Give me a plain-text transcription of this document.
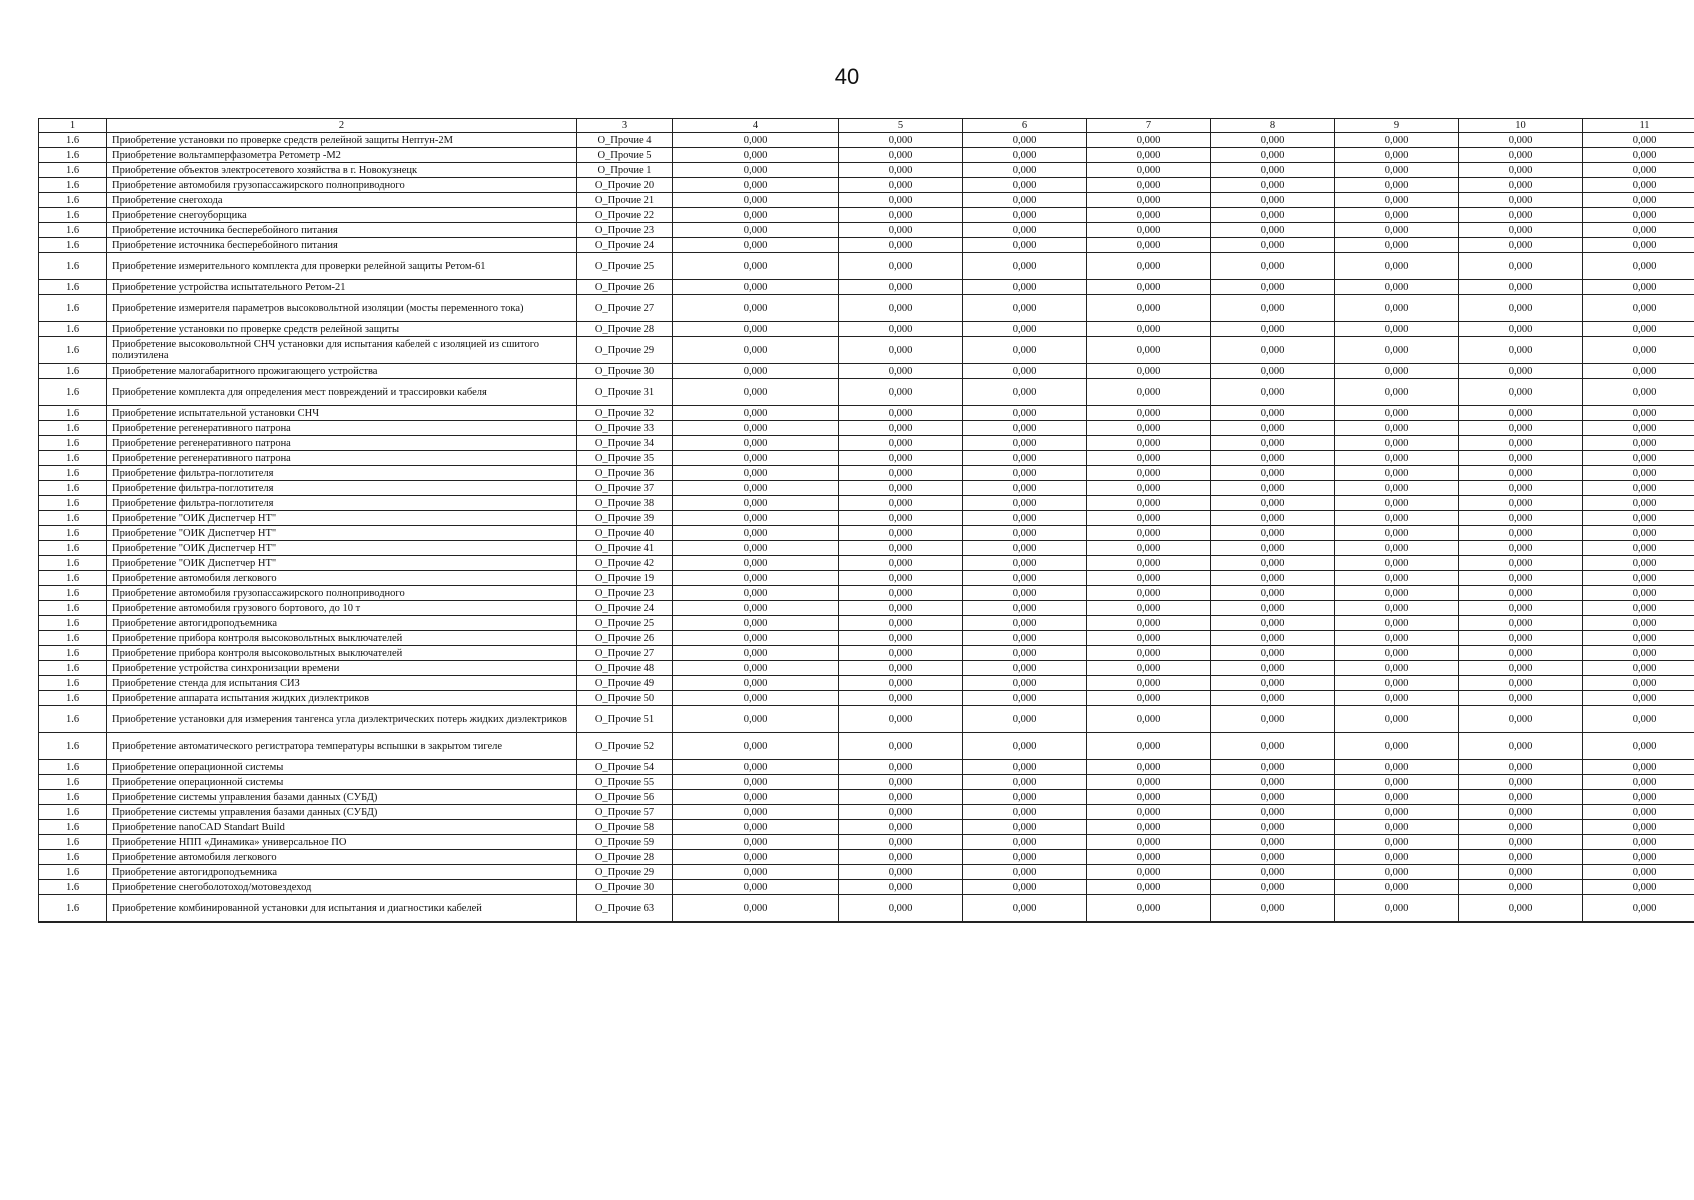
40
1	2	3	4	5	6	7	8	9	10	11
1.6	Приобретение установки по проверке средств релейной защиты Нептун-2М	О_Прочие 4	0,000	0,000	0,000	0,000	0,000	0,000	0,000	0,000
1.6	Приобретение вольтамперфазометра Ретометр -М2	О_Прочие 5	0,000	0,000	0,000	0,000	0,000	0,000	0,000	0,000
1.6	Приобретение объектов электросетевого хозяйства в г. Новокузнецк	О_Прочие 1	0,000	0,000	0,000	0,000	0,000	0,000	0,000	0,000
1.6	Приобретение автомобиля грузопассажирского полноприводного	О_Прочие 20	0,000	0,000	0,000	0,000	0,000	0,000	0,000	0,000
1.6	Приобретение снегохода	О_Прочие 21	0,000	0,000	0,000	0,000	0,000	0,000	0,000	0,000
1.6	Приобретение снегоуборщика	О_Прочие 22	0,000	0,000	0,000	0,000	0,000	0,000	0,000	0,000
1.6	Приобретение источника бесперебойного питания	О_Прочие 23	0,000	0,000	0,000	0,000	0,000	0,000	0,000	0,000
1.6	Приобретение источника бесперебойного питания	О_Прочие 24	0,000	0,000	0,000	0,000	0,000	0,000	0,000	0,000
1.6	Приобретение измерительного комплекта для проверки релейной защиты Ретом-61	О_Прочие 25	0,000	0,000	0,000	0,000	0,000	0,000	0,000	0,000
1.6	Приобретение устройства испытательного Ретом-21	О_Прочие 26	0,000	0,000	0,000	0,000	0,000	0,000	0,000	0,000
1.6	Приобретение измерителя параметров высоковольтной изоляции (мосты переменного тока)	О_Прочие 27	0,000	0,000	0,000	0,000	0,000	0,000	0,000	0,000
1.6	Приобретение установки по проверке средств релейной защиты	О_Прочие 28	0,000	0,000	0,000	0,000	0,000	0,000	0,000	0,000
1.6	Приобретение высоковольтной СНЧ установки для испытания кабелей с изоляцией из сшитого полиэтилена	О_Прочие 29	0,000	0,000	0,000	0,000	0,000	0,000	0,000	0,000
1.6	Приобретение малогабаритного прожигающего устройства	О_Прочие 30	0,000	0,000	0,000	0,000	0,000	0,000	0,000	0,000
1.6	Приобретение комплекта для определения мест повреждений и трассировки кабеля	О_Прочие 31	0,000	0,000	0,000	0,000	0,000	0,000	0,000	0,000
1.6	Приобретение испытательной установки СНЧ	О_Прочие 32	0,000	0,000	0,000	0,000	0,000	0,000	0,000	0,000
1.6	Приобретение регенеративного патрона	О_Прочие 33	0,000	0,000	0,000	0,000	0,000	0,000	0,000	0,000
1.6	Приобретение регенеративного патрона	О_Прочие 34	0,000	0,000	0,000	0,000	0,000	0,000	0,000	0,000
1.6	Приобретение регенеративного патрона	О_Прочие 35	0,000	0,000	0,000	0,000	0,000	0,000	0,000	0,000
1.6	Приобретение фильтра-поглотителя	О_Прочие 36	0,000	0,000	0,000	0,000	0,000	0,000	0,000	0,000
1.6	Приобретение фильтра-поглотителя	О_Прочие 37	0,000	0,000	0,000	0,000	0,000	0,000	0,000	0,000
1.6	Приобретение фильтра-поглотителя	О_Прочие 38	0,000	0,000	0,000	0,000	0,000	0,000	0,000	0,000
1.6	Приобретение "ОИК Диспетчер НТ"	О_Прочие 39	0,000	0,000	0,000	0,000	0,000	0,000	0,000	0,000
1.6	Приобретение "ОИК Диспетчер НТ"	О_Прочие 40	0,000	0,000	0,000	0,000	0,000	0,000	0,000	0,000
1.6	Приобретение "ОИК Диспетчер НТ"	О_Прочие 41	0,000	0,000	0,000	0,000	0,000	0,000	0,000	0,000
1.6	Приобретение "ОИК Диспетчер НТ"	О_Прочие 42	0,000	0,000	0,000	0,000	0,000	0,000	0,000	0,000
1.6	Приобретение автомобиля легкового	О_Прочие 19	0,000	0,000	0,000	0,000	0,000	0,000	0,000	0,000
1.6	Приобретение автомобиля грузопассажирского полноприводного	О_Прочие 23	0,000	0,000	0,000	0,000	0,000	0,000	0,000	0,000
1.6	Приобретение автомобиля грузового бортового, до 10 т	О_Прочие 24	0,000	0,000	0,000	0,000	0,000	0,000	0,000	0,000
1.6	Приобретение автогидроподъемника	О_Прочие 25	0,000	0,000	0,000	0,000	0,000	0,000	0,000	0,000
1.6	Приобретение прибора контроля высоковольтных выключателей	О_Прочие 26	0,000	0,000	0,000	0,000	0,000	0,000	0,000	0,000
1.6	Приобретение прибора контроля высоковольтных выключателей	О_Прочие 27	0,000	0,000	0,000	0,000	0,000	0,000	0,000	0,000
1.6	Приобретение устройства синхронизации времени	О_Прочие 48	0,000	0,000	0,000	0,000	0,000	0,000	0,000	0,000
1.6	Приобретение стенда для испытания СИЗ	О_Прочие 49	0,000	0,000	0,000	0,000	0,000	0,000	0,000	0,000
1.6	Приобретение аппарата испытания жидких диэлектриков	О_Прочие 50	0,000	0,000	0,000	0,000	0,000	0,000	0,000	0,000
1.6	Приобретение установки для измерения тангенса угла диэлектрических потерь жидких диэлектриков	О_Прочие 51	0,000	0,000	0,000	0,000	0,000	0,000	0,000	0,000
1.6	Приобретение автоматического регистратора температуры вспышки в закрытом тигеле	О_Прочие 52	0,000	0,000	0,000	0,000	0,000	0,000	0,000	0,000
1.6	Приобретение операционной системы	О_Прочие 54	0,000	0,000	0,000	0,000	0,000	0,000	0,000	0,000
1.6	Приобретение операционной системы	О_Прочие 55	0,000	0,000	0,000	0,000	0,000	0,000	0,000	0,000
1.6	Приобретение системы управления базами данных (СУБД)	О_Прочие 56	0,000	0,000	0,000	0,000	0,000	0,000	0,000	0,000
1.6	Приобретение системы управления базами данных (СУБД)	О_Прочие 57	0,000	0,000	0,000	0,000	0,000	0,000	0,000	0,000
1.6	Приобретение nanoCAD Standart Build	О_Прочие 58	0,000	0,000	0,000	0,000	0,000	0,000	0,000	0,000
1.6	Приобретение НПП «Динамика» универсальное ПО	О_Прочие 59	0,000	0,000	0,000	0,000	0,000	0,000	0,000	0,000
1.6	Приобретение автомобиля легкового	О_Прочие 28	0,000	0,000	0,000	0,000	0,000	0,000	0,000	0,000
1.6	Приобретение автогидроподъемника	О_Прочие 29	0,000	0,000	0,000	0,000	0,000	0,000	0,000	0,000
1.6	Приобретение снегоболотоход/мотовездеход	О_Прочие 30	0,000	0,000	0,000	0,000	0,000	0,000	0,000	0,000
1.6	Приобретение комбинированной установки для испытания и диагностики кабелей	О_Прочие 63	0,000	0,000	0,000	0,000	0,000	0,000	0,000	0,000
